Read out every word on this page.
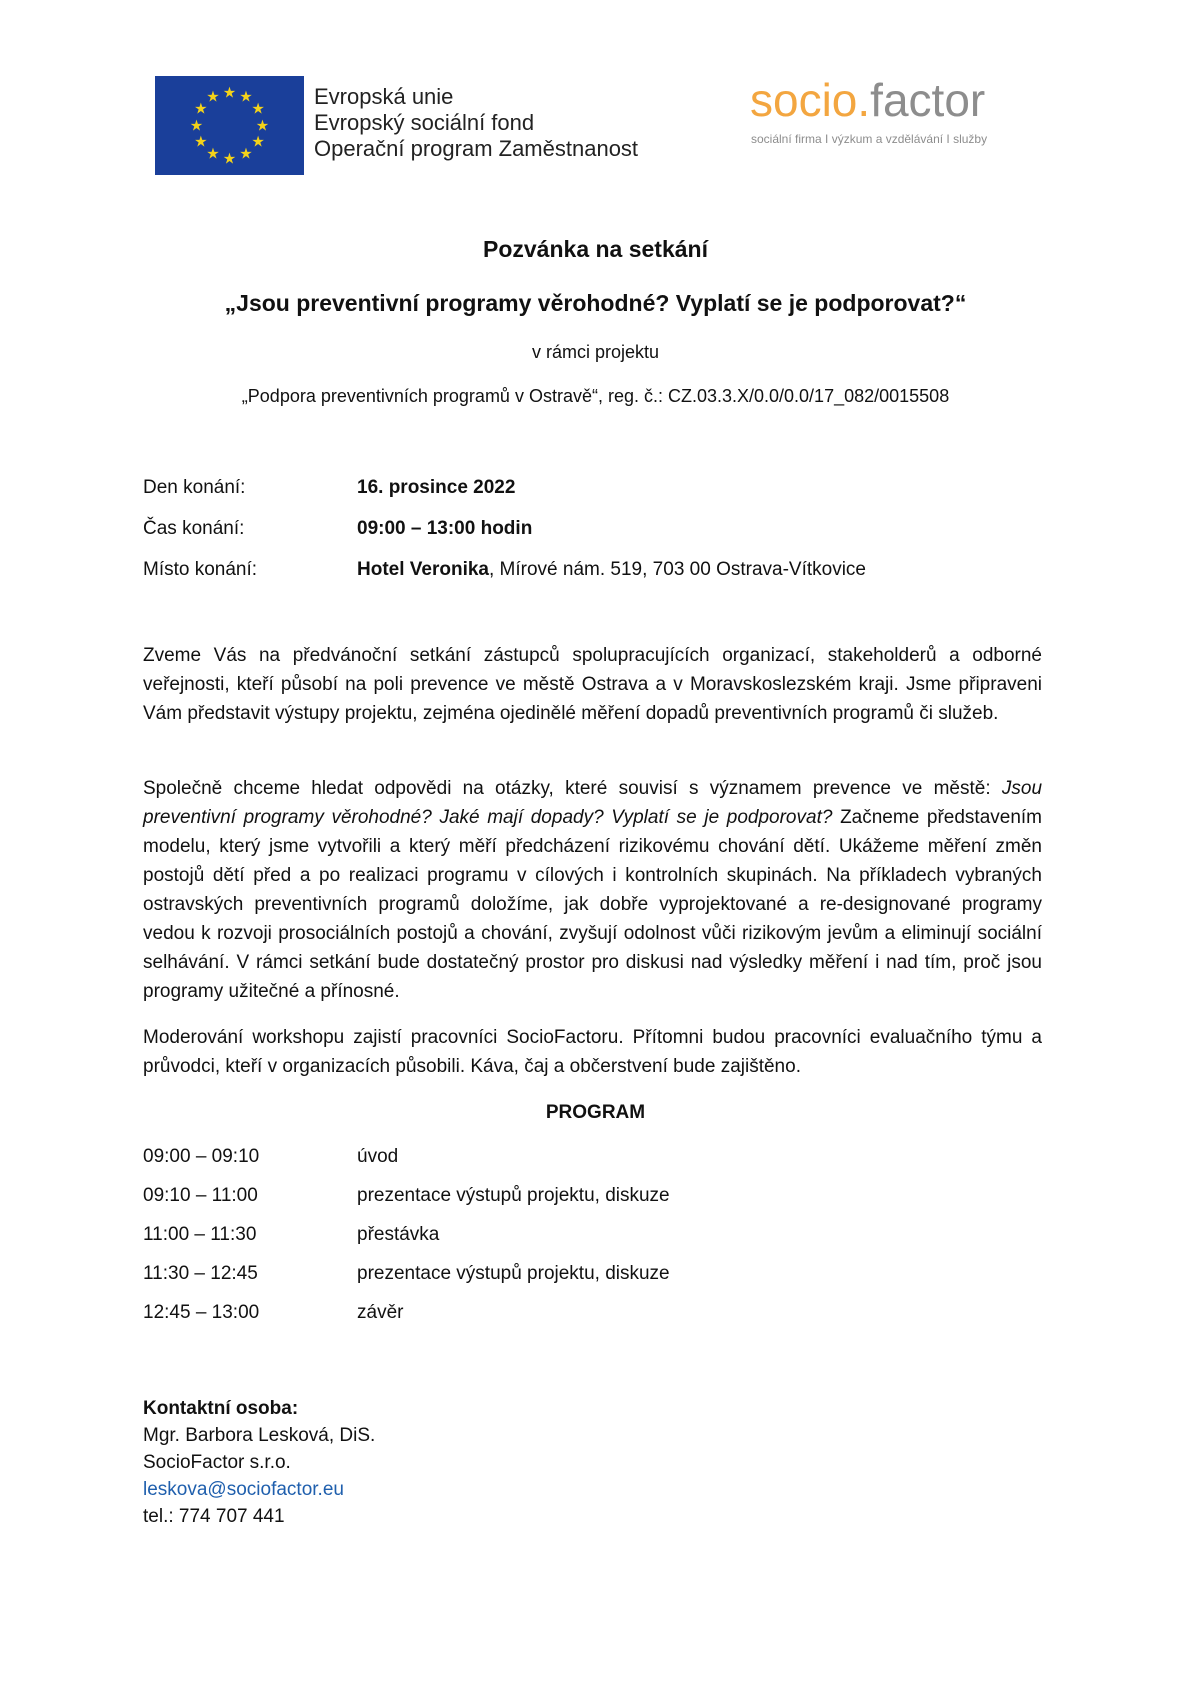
★ ★
★
★
★
★
★
★
★
★
★
★	Evropská unie
Evropský sociální fond
Operační program Zaměstnanost
socio.factor
sociální firma I výzkum a vzdělávání I služby
Pozvánka na setkání
„Jsou preventivní programy věrohodné? Vyplatí se je podporovat?“
v rámci projektu
„Podpora preventivních programů v Ostravě“, reg. č.: CZ.03.3.X/0.0/0.0/17_082/0015508
Den konání:	16. prosince 2022
Čas konání:	09:00 – 13:00 hodin
Místo konání:	Hotel Veronika, Mírové nám. 519, 703 00 Ostrava-Vítkovice
Zveme Vás na předvánoční setkání zástupců spolupracujících organizací, stakeholderů a odborné veřejnosti, kteří působí na poli prevence ve městě Ostrava a v Moravskoslezském kraji. Jsme připraveni Vám představit výstupy projektu, zejména ojedinělé měření dopadů preventivních programů či služeb.
Společně chceme hledat odpovědi na otázky, které souvisí s významem prevence ve městě: Jsou preventivní programy věrohodné? Jaké mají dopady? Vyplatí se je podporovat? Začneme představením modelu, který jsme vytvořili a který měří předcházení rizikovému chování dětí. Ukážeme měření změn postojů dětí před a po realizaci programu v cílových i kontrolních skupinách. Na příkladech vybraných ostravských preventivních programů doložíme, jak dobře vyprojektované a re-designované programy vedou k rozvoji prosociálních postojů a chování, zvyšují odolnost vůči rizikovým jevům a eliminují sociální selhávání. V rámci setkání bude dostatečný prostor pro diskusi nad výsledky měření i nad tím, proč jsou programy užitečné a přínosné.
Moderování workshopu zajistí pracovníci SocioFactoru. Přítomni budou pracovníci evaluačního týmu a průvodci, kteří v organizacích působili. Káva, čaj a občerstvení bude zajištěno.
PROGRAM
09:00 – 09:10	úvod
09:10 – 11:00	prezentace výstupů projektu, diskuze
11:00 – 11:30	přestávka
11:30 – 12:45	prezentace výstupů projektu, diskuze
12:45 – 13:00	závěr
Kontaktní osoba:
Mgr. Barbora Lesková, DiS.
SocioFactor s.r.o.
leskova@sociofactor.eu
tel.: 774 707 441
